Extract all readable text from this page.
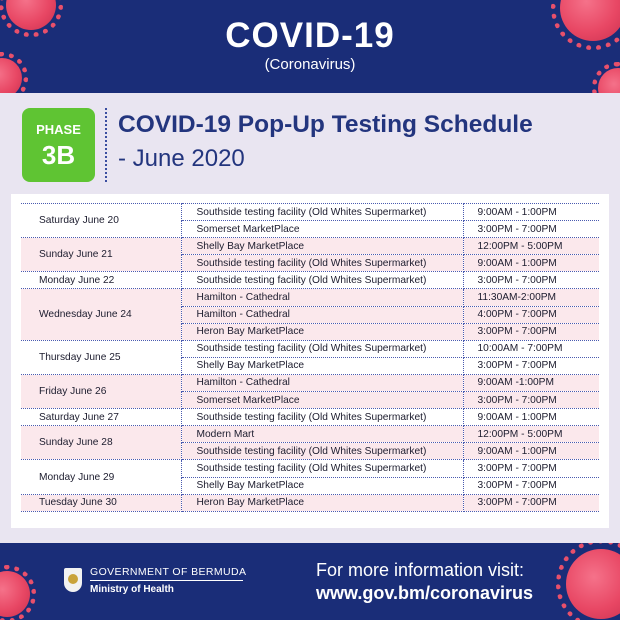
COVID-19
(Coronavirus)
PHASE
3B
COVID-19 Pop-Up Testing Schedule
- June 2020
Saturday June 20	Southside testing facility (Old Whites Supermarket)	9:00AM - 1:00PM
	Somerset MarketPlace	3:00PM - 7:00PM
Sunday June 21	Shelly Bay MarketPlace	12:00PM - 5:00PM
	Southside testing facility (Old Whites Supermarket)	9:00AM - 1:00PM
Monday June 22	Southside testing facility (Old Whites Supermarket)	3:00PM - 7:00PM
Wednesday June 24	Hamilton - Cathedral	11:30AM-2:00PM
	Hamilton - Cathedral	4:00PM - 7:00PM
	Heron Bay MarketPlace	3:00PM - 7:00PM
Thursday June 25	Southside testing facility (Old Whites Supermarket)	10:00AM - 7:00PM
	Shelly Bay MarketPlace	3:00PM - 7:00PM
Friday June 26	Hamilton - Cathedral	9:00AM -1:00PM
	Somerset MarketPlace	3:00PM - 7:00PM
Saturday June 27	Southside testing facility (Old Whites Supermarket)	9:00AM - 1:00PM
Sunday June 28	Modern Mart	12:00PM - 5:00PM
	Southside testing facility (Old Whites Supermarket)	9:00AM - 1:00PM
Monday June 29	Southside testing facility (Old Whites Supermarket)	3:00PM - 7:00PM
	Shelly Bay MarketPlace	3:00PM - 7:00PM
Tuesday June 30	Heron Bay MarketPlace	3:00PM - 7:00PM
GOVERNMENT OF BERMUDA
Ministry of Health
For more information visit:
www.gov.bm/coronavirus
